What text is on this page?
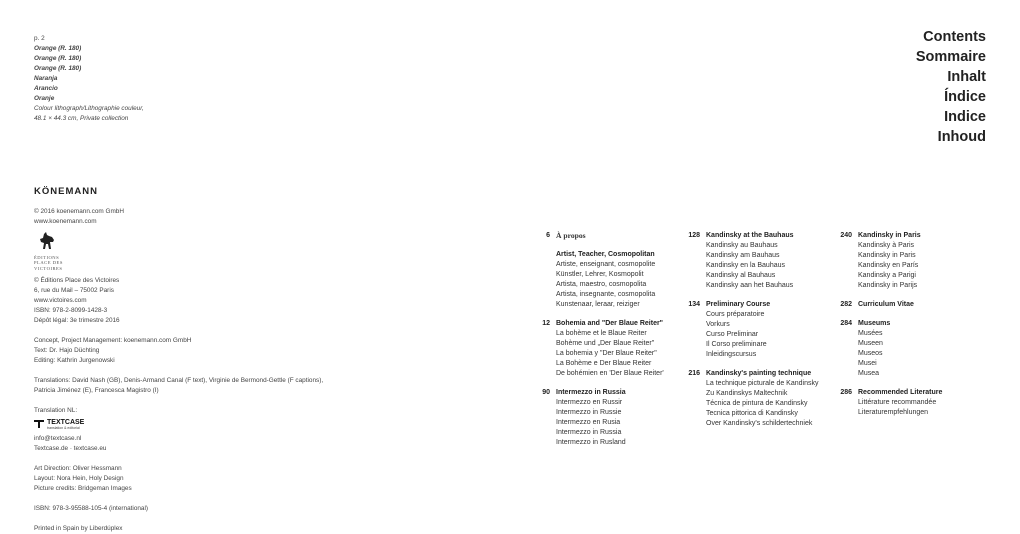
p. 2

Orange (R. 180)

Orange (R. 180)

Orange (R. 180)

Naranja

Arancio

Oranje

Colour lithograph/Lithographie couleur,

48.1 × 44.3 cm, Private collection

KÖNEMANN

© 2016 koenemann.com GmbH

www.koenemann.com

ÉDITIONS
PLACE DES
VICTOIRES

© Éditions Place des Victoires

6, rue du Mail – 75002 Paris

www.victoires.com

ISBN: 978-2-8099-1428-3

Dépôt légal: 3e trimestre 2016

Concept, Project Management: koenemann.com GmbH

Text: Dr. Hajo Düchting

Editing: Kathrin Jurgenowski

Translations: David Nash (GB), Denis-Armand Canal (F text), Virginie de Bermond-Gettle (F captions),

Patricia Jiménez (E), Francesca Magistro (I)

Translation NL:

TEXTCASE
translation & editorial

info@textcase.nl

Textcase.de · textcase.eu

Art Direction: Oliver Hessmann

Layout: Nora Hein, Holy Design

Picture credits: Bridgeman Images

ISBN: 978-3-95588-105-4 (international)

Printed in Spain by Liberdúplex

Contents

Sommaire

Inhalt

Índice

Indice

Inhoud

6 À propos
Artist, Teacher, Cosmopolitan
Artiste, enseignant, cosmopolite
Künstler, Lehrer, Kosmopolit
Artista, maestro, cosmopolita
Artista, insegnante, cosmopolita
Kunstenaar, leraar, reiziger
12 Bohemia and "Der Blaue Reiter"
La bohème et le Blaue Reiter
Bohème und „Der Blaue Reiter"
La bohemia y "Der Blaue Reiter"
La Bohème e Der Blaue Reiter
De bohémien en 'Der Blaue Reiter'
90 Intermezzo in Russia
Intermezzo en Russir
Intermezzo in Russie
Intermezzo en Rusia
Intermezzo in Russia
Intermezzo in Rusland
128 Kandinsky at the Bauhaus
Kandinsky au Bauhaus
Kandinsky am Bauhaus
Kandinsky en la Bauhaus
Kandinsky al Bauhaus
Kandinsky aan het Bauhaus
134 Preliminary Course
Cours préparatoire
Vorkurs
Curso Preliminar
Il Corso preliminare
Inleidingscursus
216 Kandinsky's painting technique
La technique picturale de Kandinsky
Zu Kandinskys Maltechnik
Técnica de pintura de Kandinsky
Tecnica pittorica di Kandinsky
Over Kandinsky's schildertechniek
240 Kandinsky in Paris
Kandinsky à Paris
Kandinsky in Paris
Kandinsky en París
Kandinsky a Parigi
Kandinsky in Parijs
282 Curriculum Vitae
284 Museums
Musées
Museen
Museos
Musei
Musea
286 Recommended Literature
Littérature recommandée
Literaturempfehlungen
